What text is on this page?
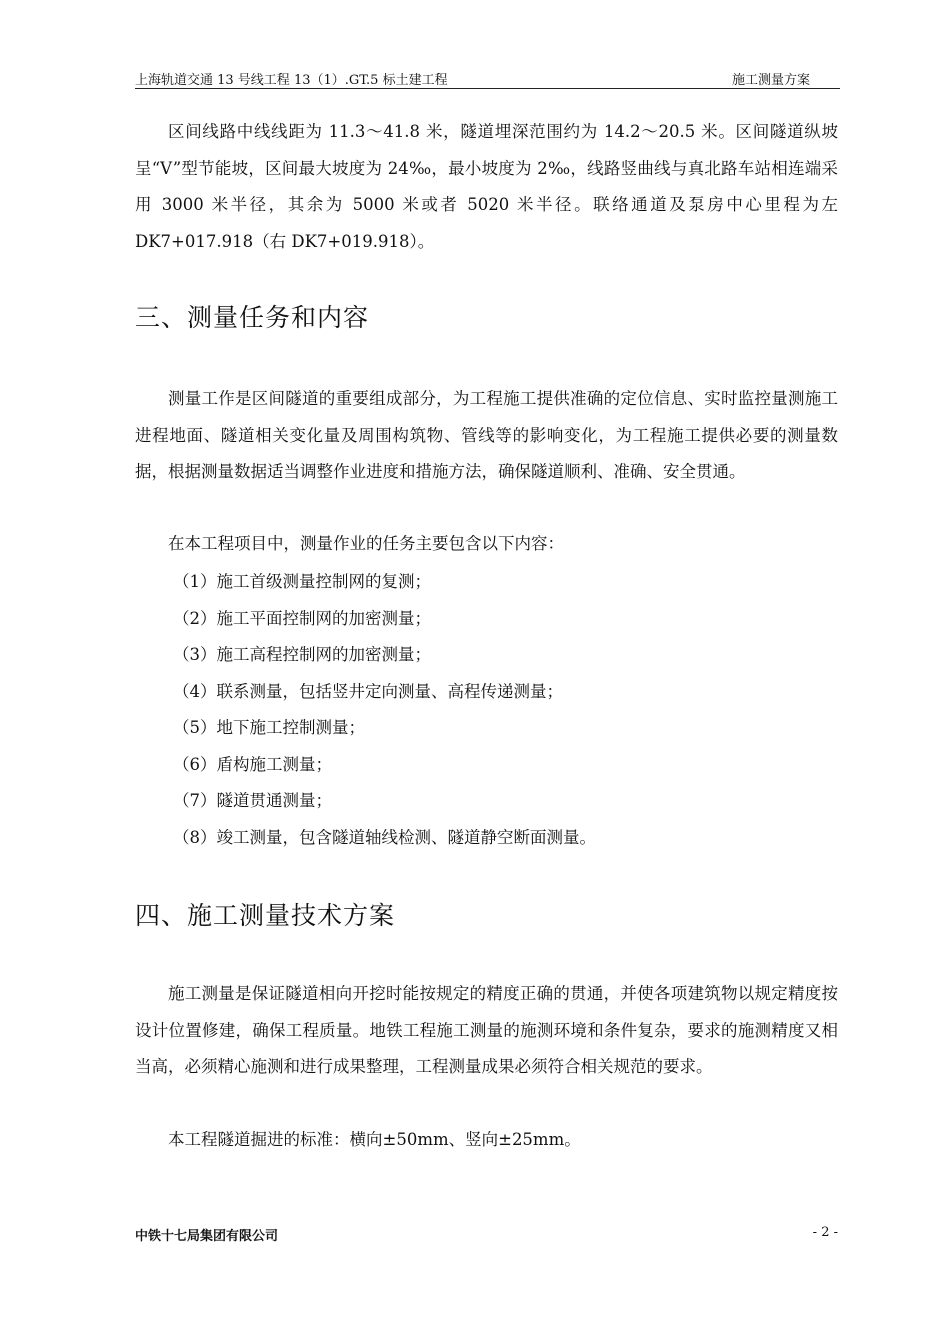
上海轨道交通 13 号线工程 13（1）.GT.5 标土建工程	施工测量方案

区间线路中线线距为 11.3～41.8 米，隧道埋深范围约为 14.2～20.5 米。区间隧道纵坡呈“V”型节能坡，区间最大坡度为 24‰，最小坡度为 2‰，线路竖曲线与真北路车站相连端采用 3000 米半径，其余为 5000 米或者 5020 米半径。联络通道及泵房中心里程为左 DK7+017.918（右 DK7+019.918）。

三、测量任务和内容

测量工作是区间隧道的重要组成部分，为工程施工提供准确的定位信息、实时监控量测施工进程地面、隧道相关变化量及周围构筑物、管线等的影响变化，为工程施工提供必要的测量数据，根据测量数据适当调整作业进度和措施方法，确保隧道顺利、准确、安全贯通。

在本工程项目中，测量作业的任务主要包含以下内容：

（1）施工首级测量控制网的复测；
（2）施工平面控制网的加密测量；
（3）施工高程控制网的加密测量；
（4）联系测量，包括竖井定向测量、高程传递测量；
（5）地下施工控制测量；
（6）盾构施工测量；
（7）隧道贯通测量；
（8）竣工测量，包含隧道轴线检测、隧道静空断面测量。
四、施工测量技术方案

施工测量是保证隧道相向开挖时能按规定的精度正确的贯通，并使各项建筑物以规定精度按设计位置修建，确保工程质量。地铁工程施工测量的施测环境和条件复杂，要求的施测精度又相当高，必须精心施测和进行成果整理，工程测量成果必须符合相关规范的要求。

本工程隧道掘进的标准：横向±50mm、竖向±25mm。

中铁十七局集团有限公司	- 2 -
